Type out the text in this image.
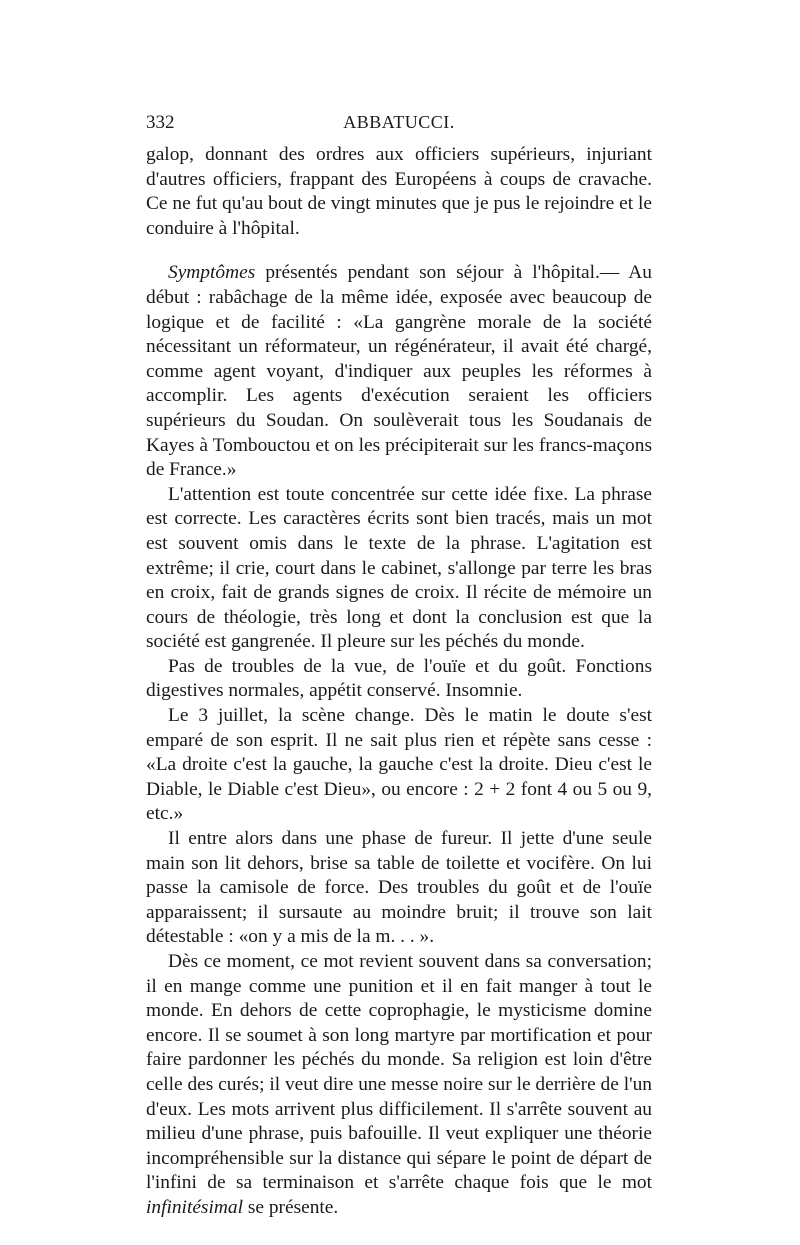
332	ABBATUCCI.

galop, donnant des ordres aux officiers supérieurs, injuriant d'autres officiers, frappant des Européens à coups de cravache. Ce ne fut qu'au bout de vingt minutes que je pus le rejoindre et le conduire à l'hôpital.

Symptômes présentés pendant son séjour à l'hôpital.— Au début : rabâchage de la même idée, exposée avec beaucoup de logique et de facilité : «La gangrène morale de la société nécessitant un réformateur, un régénérateur, il avait été chargé, comme agent voyant, d'indiquer aux peuples les réformes à accomplir. Les agents d'exécution seraient les officiers supérieurs du Soudan. On soulèverait tous les Soudanais de Kayes à Tombouctou et on les précipiterait sur les francs-maçons de France.»

L'attention est toute concentrée sur cette idée fixe. La phrase est correcte. Les caractères écrits sont bien tracés, mais un mot est souvent omis dans le texte de la phrase. L'agitation est extrême; il crie, court dans le cabinet, s'allonge par terre les bras en croix, fait de grands signes de croix. Il récite de mémoire un cours de théologie, très long et dont la conclusion est que la société est gangrenée. Il pleure sur les péchés du monde.

Pas de troubles de la vue, de l'ouïe et du goût. Fonctions digestives normales, appétit conservé. Insomnie.

Le 3 juillet, la scène change. Dès le matin le doute s'est emparé de son esprit. Il ne sait plus rien et répète sans cesse : «La droite c'est la gauche, la gauche c'est la droite. Dieu c'est le Diable, le Diable c'est Dieu», ou encore : 2 + 2 font 4 ou 5 ou 9, etc.»

Il entre alors dans une phase de fureur. Il jette d'une seule main son lit dehors, brise sa table de toilette et vocifère. On lui passe la camisole de force. Des troubles du goût et de l'ouïe apparaissent; il sursaute au moindre bruit; il trouve son lait détestable : «on y a mis de la m. . . ».

Dès ce moment, ce mot revient souvent dans sa conversation; il en mange comme une punition et il en fait manger à tout le monde. En dehors de cette coprophagie, le mysticisme domine encore. Il se soumet à son long martyre par mortification et pour faire pardonner les péchés du monde. Sa religion est loin d'être celle des curés; il veut dire une messe noire sur le derrière de l'un d'eux. Les mots arrivent plus difficilement. Il s'arrête souvent au milieu d'une phrase, puis bafouille. Il veut expliquer une théorie incompréhensible sur la distance qui sépare le point de départ de l'infini de sa terminaison et s'arrête chaque fois que le mot infinitésimal se présente.
